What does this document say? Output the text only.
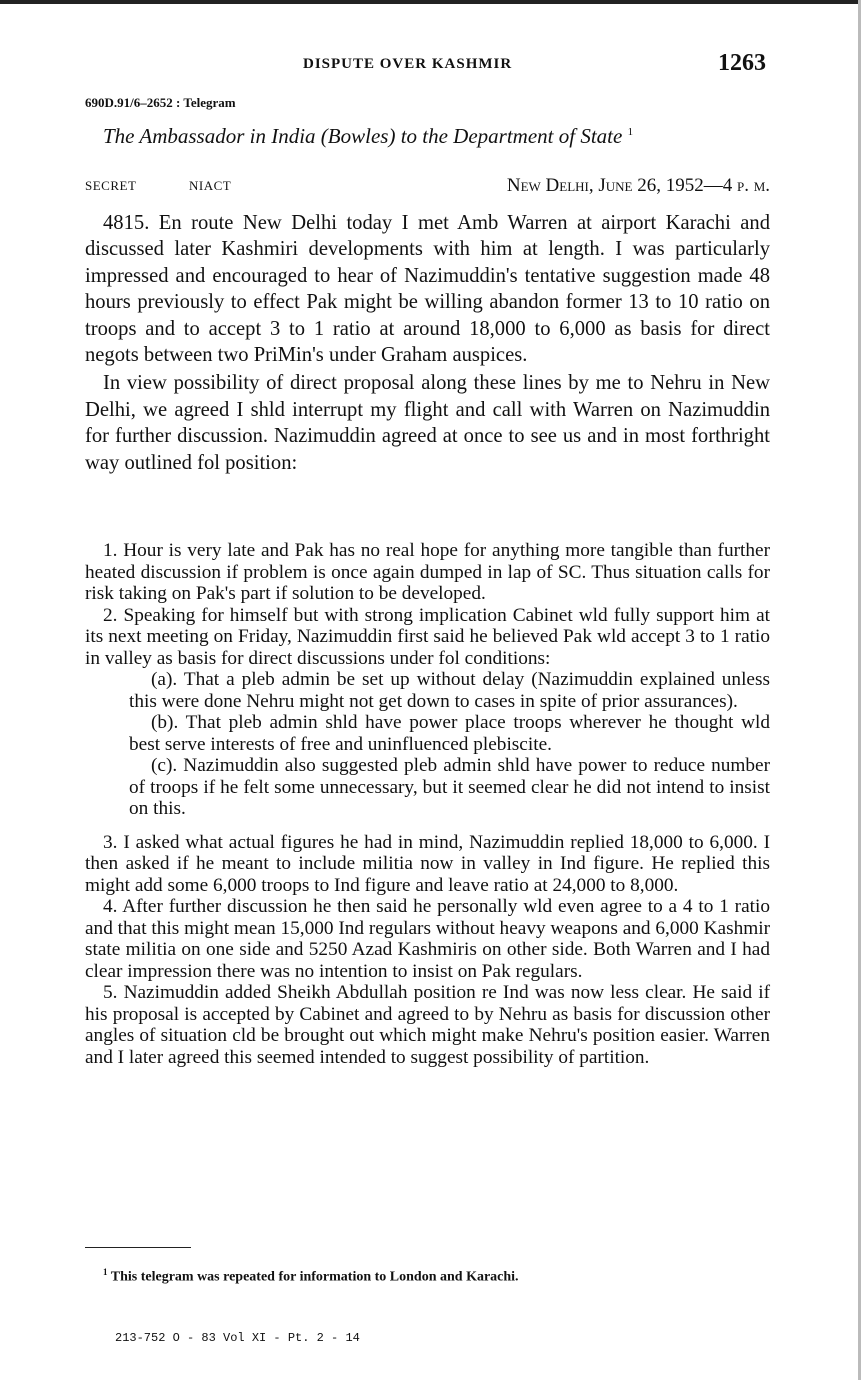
DISPUTE OVER KASHMIR	1263
690D.91/6–2652 : Telegram
The Ambassador in India (Bowles) to the Department of State $^1$
SECRET	NIACT	New Delhi, June 26, 1952—4 p. m.

4815. En route New Delhi today I met Amb Warren at airport Karachi and discussed later Kashmiri developments with him at length. I was particularly impressed and encouraged to hear of Nazimuddin's tentative suggestion made 48 hours previously to effect Pak might be willing abandon former 13 to 10 ratio on troops and to accept 3 to 1 ratio at around 18,000 to 6,000 as basis for direct negots between two PriMin's under Graham auspices.

In view possibility of direct proposal along these lines by me to Nehru in New Delhi, we agreed I shld interrupt my flight and call with Warren on Nazimuddin for further discussion. Nazimuddin agreed at once to see us and in most forthright way outlined fol position:

1. Hour is very late and Pak has no real hope for anything more tangible than further heated discussion if problem is once again dumped in lap of SC. Thus situation calls for risk taking on Pak's part if solution to be developed.

2. Speaking for himself but with strong implication Cabinet wld fully support him at its next meeting on Friday, Nazimuddin first said he believed Pak wld accept 3 to 1 ratio in valley as basis for direct discussions under fol conditions:

(a). That a pleb admin be set up without delay (Nazimuddin explained unless this were done Nehru might not get down to cases in spite of prior assurances).

(b). That pleb admin shld have power place troops wherever he thought wld best serve interests of free and uninfluenced plebiscite.

(c). Nazimuddin also suggested pleb admin shld have power to reduce number of troops if he felt some unnecessary, but it seemed clear he did not intend to insist on this.

3. I asked what actual figures he had in mind, Nazimuddin replied 18,000 to 6,000. I then asked if he meant to include militia now in valley in Ind figure. He replied this might add some 6,000 troops to Ind figure and leave ratio at 24,000 to 8,000.

4. After further discussion he then said he personally wld even agree to a 4 to 1 ratio and that this might mean 15,000 Ind regulars without heavy weapons and 6,000 Kashmir state militia on one side and 5250 Azad Kashmiris on other side. Both Warren and I had clear impression there was no intention to insist on Pak regulars.

5. Nazimuddin added Sheikh Abdullah position re Ind was now less clear. He said if his proposal is accepted by Cabinet and agreed to by Nehru as basis for discussion other angles of situation cld be brought out which might make Nehru's position easier. Warren and I later agreed this seemed intended to suggest possibility of partition.

$^1$ This telegram was repeated for information to London and Karachi.
213-752 O - 83 Vol XI - Pt. 2 - 14
